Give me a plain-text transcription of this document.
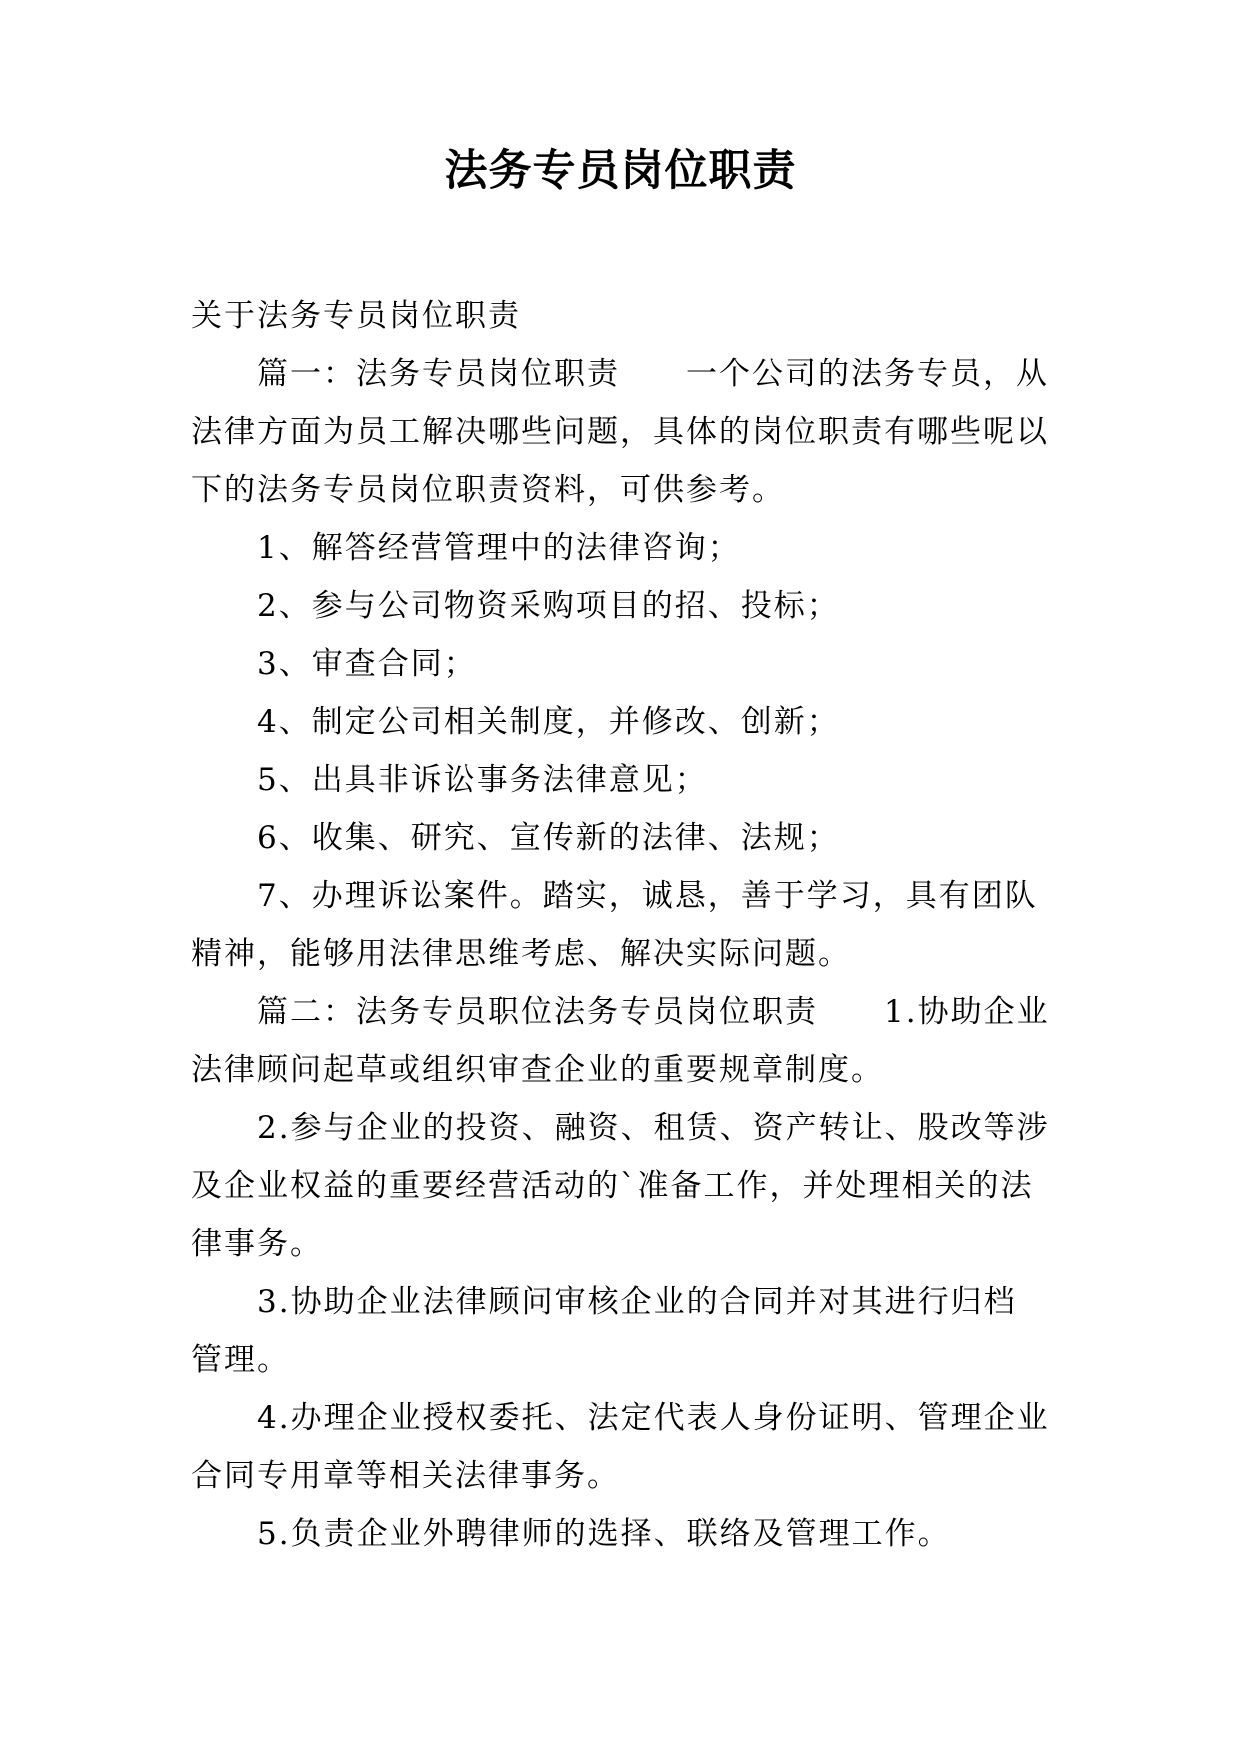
法务专员岗位职责

关于法务专员岗位职责

篇一：法务专员岗位职责　　一个公司的法务专员，从

法律方面为员工解决哪些问题，具体的岗位职责有哪些呢以

下的法务专员岗位职责资料，可供参考。

1、解答经营管理中的法律咨询；

2、参与公司物资采购项目的招、投标；

3、审查合同；

4、制定公司相关制度，并修改、创新；

5、出具非诉讼事务法律意见；

6、收集、研究、宣传新的法律、法规；

7、办理诉讼案件。踏实，诚恳，善于学习，具有团队

精神，能够用法律思维考虑、解决实际问题。

篇二：法务专员职位法务专员岗位职责　　1.协助企业

法律顾问起草或组织审查企业的重要规章制度。

2.参与企业的投资、融资、租赁、资产转让、股改等涉

及企业权益的重要经营活动的`准备工作，并处理相关的法

律事务。

3.协助企业法律顾问审核企业的合同并对其进行归档

管理。

4.办理企业授权委托、法定代表人身份证明、管理企业

合同专用章等相关法律事务。

5.负责企业外聘律师的选择、联络及管理工作。
